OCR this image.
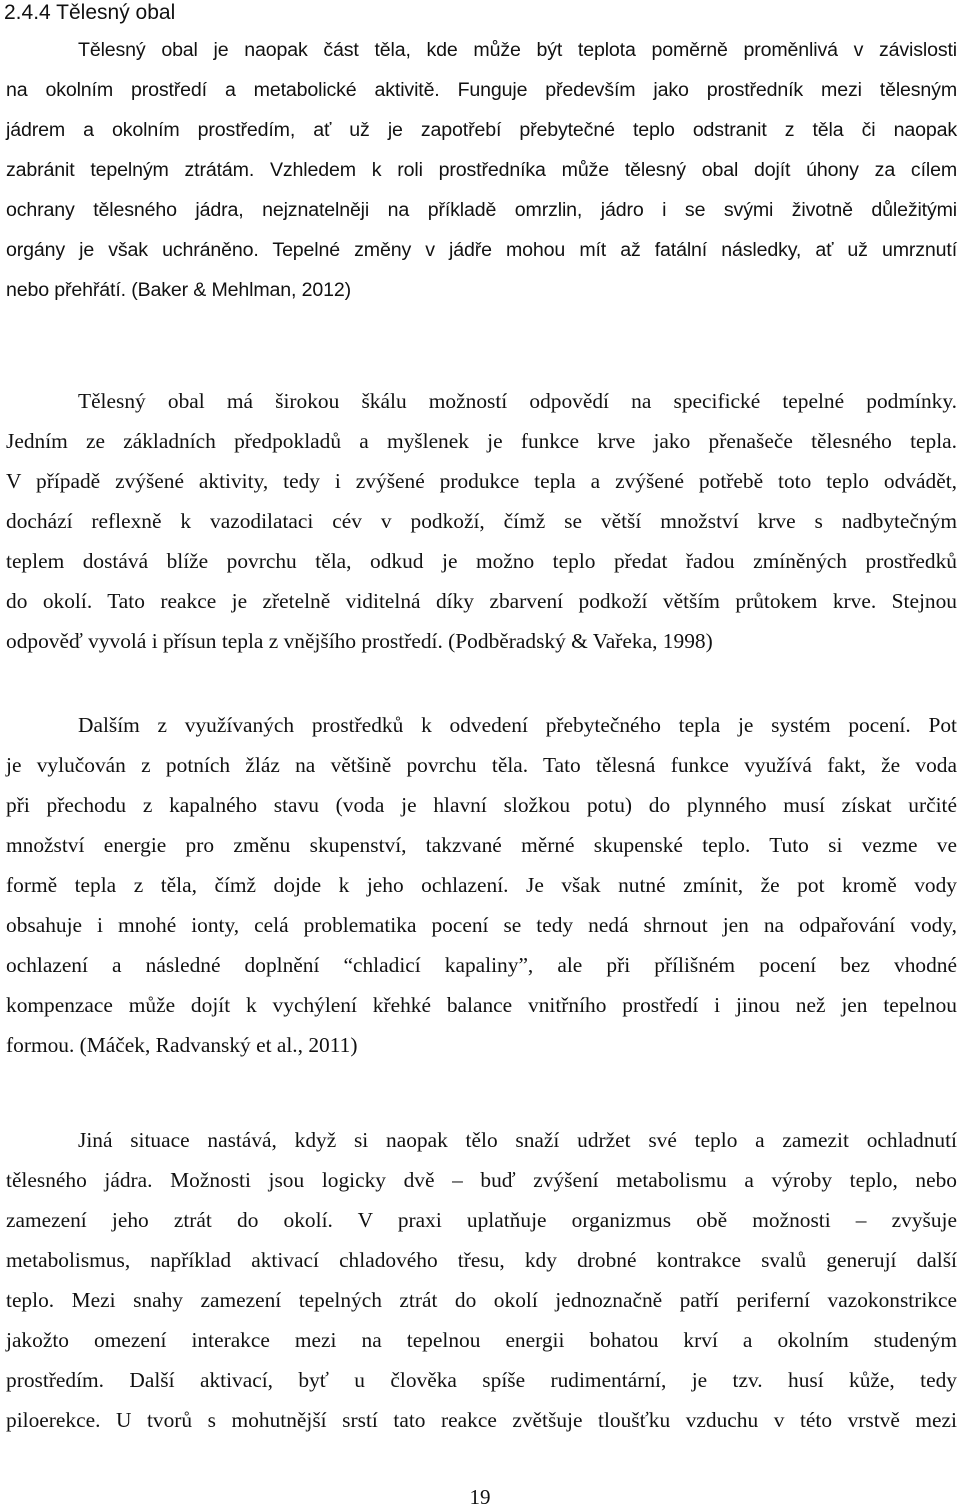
2.4.4 Tělesný obal
Tělesný obal je naopak část těla, kde může být teplota poměrně proměnlivá v závislosti
na okolním prostředí a metabolické aktivitě. Funguje především jako prostředník mezi tělesným
jádrem a okolním prostředím, ať už je zapotřebí přebytečné teplo odstranit z těla či naopak
zabránit tepelným ztrátám. Vzhledem k roli prostředníka může tělesný obal dojít úhony za cílem
ochrany tělesného jádra, nejznatelněji na příkladě omrzlin, jádro i se svými životně důležitými
orgány je však uchráněno. Tepelné změny v jádře mohou mít až fatální následky, ať už umrznutí
nebo přehřátí. (Baker & Mehlman, 2012)
Tělesný obal má širokou škálu možností odpovědí na specifické tepelné podmínky.
Jedním ze základních předpokladů a myšlenek je funkce krve jako přenašeče tělesného tepla.
V případě zvýšené aktivity, tedy i zvýšené produkce tepla a zvýšené potřebě toto teplo odvádět,
dochází reflexně k vazodilataci cév v podkoží, čímž se větší množství krve s nadbytečným
teplem dostává blíže povrchu těla, odkud je možno teplo předat řadou zmíněných prostředků
do okolí. Tato reakce je zřetelně viditelná díky zbarvení podkoží větším průtokem krve. Stejnou
odpověď vyvolá i přísun tepla z vnějšího prostředí. (Podběradský & Vařeka, 1998)
Dalším z využívaných prostředků k odvedení přebytečného tepla je systém pocení. Pot
je vylučován z potních žláz na většině povrchu těla. Tato tělesná funkce využívá fakt, že voda
při přechodu z kapalného stavu (voda je hlavní složkou potu) do plynného musí získat určité
množství energie pro změnu skupenství, takzvané měrné skupenské teplo. Tuto si vezme ve
formě tepla z těla, čímž dojde k jeho ochlazení. Je však nutné zmínit, že pot kromě vody
obsahuje i mnohé ionty, celá problematika pocení se tedy nedá shrnout jen na odpařování vody,
ochlazení a následné doplnění “chladicí kapaliny”, ale při přílišném pocení bez vhodné
kompenzace může dojít k vychýlení křehké balance vnitřního prostředí i jinou než jen tepelnou
formou. (Máček, Radvanský et al., 2011)
Jiná situace nastává, když si naopak tělo snaží udržet své teplo a zamezit ochladnutí
tělesného jádra. Možnosti jsou logicky dvě – buď zvýšení metabolismu a výroby teplo, nebo
zamezení jeho ztrát do okolí. V praxi uplatňuje organizmus obě možnosti – zvyšuje
metabolismus, například aktivací chladového třesu, kdy drobné kontrakce svalů generují další
teplo. Mezi snahy zamezení tepelných ztrát do okolí jednoznačně patří periferní vazokonstrikce
jakožto omezení interakce mezi na tepelnou energii bohatou krví a okolním studeným
prostředím. Další aktivací, byť u člověka spíše rudimentární, je tzv. husí kůže, tedy
piloerekce. U tvorů s mohutnější srstí tato reakce zvětšuje tloušťku vzduchu v této vrstvě mezi
19
